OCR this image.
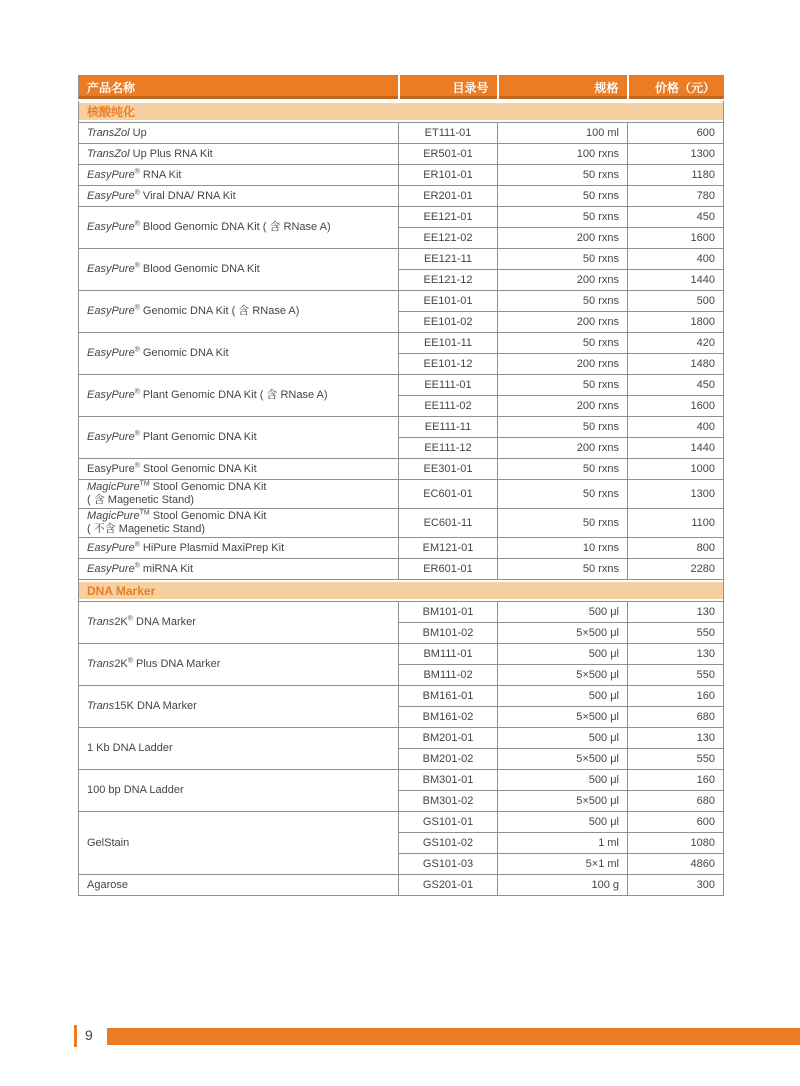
产品名称	目录号	规格	价格（元）
核酸纯化			
TransZol Up	ET111-01	100 ml	600
TransZol Up Plus RNA Kit	ER501-01	100 rxns	1300
EasyPure® RNA Kit	ER101-01	50 rxns	1180
EasyPure® Viral DNA/ RNA Kit	ER201-01	50 rxns	780
EasyPure® Blood Genomic DNA Kit ( 含 RNase A)	EE121-01	50 rxns	450
	EE121-02	200 rxns	1600
EasyPure® Blood Genomic DNA Kit	EE121-11	50 rxns	400
	EE121-12	200 rxns	1440
EasyPure® Genomic DNA Kit ( 含 RNase A)	EE101-01	50 rxns	500
	EE101-02	200 rxns	1800
EasyPure® Genomic DNA Kit	EE101-11	50 rxns	420
	EE101-12	200 rxns	1480
EasyPure® Plant Genomic DNA Kit ( 含 RNase A)	EE111-01	50 rxns	450
	EE111-02	200 rxns	1600
EasyPure® Plant Genomic DNA Kit	EE111-11	50 rxns	400
	EE111-12	200 rxns	1440
EasyPure® Stool Genomic DNA Kit	EE301-01	50 rxns	1000
MagicPure™ Stool Genomic DNA Kit
( 含 Magenetic Stand)	EC601-01	50 rxns	1300
MagicPure™ Stool Genomic DNA Kit
( 不含 Magenetic Stand)	EC601-11	50 rxns	1100
EasyPure® HiPure Plasmid MaxiPrep Kit	EM121-01	10 rxns	800
EasyPure® miRNA Kit	ER601-01	50 rxns	2280
DNA Marker			
Trans2K® DNA Marker	BM101-01	500 μl	130
	BM101-02	5×500 μl	550
Trans2K® Plus DNA Marker	BM111-01	500 μl	130
	BM111-02	5×500 μl	550
Trans15K DNA Marker	BM161-01	500 μl	160
	BM161-02	5×500 μl	680
1 Kb DNA Ladder	BM201-01	500 μl	130
	BM201-02	5×500 μl	550
100 bp DNA Ladder	BM301-01	500 μl	160
	BM301-02	5×500 μl	680
GelStain	GS101-01	500 μl	600
	GS101-02	1 ml	1080
	GS101-03	5×1 ml	4860
Agarose	GS201-01	100 g	300
9
